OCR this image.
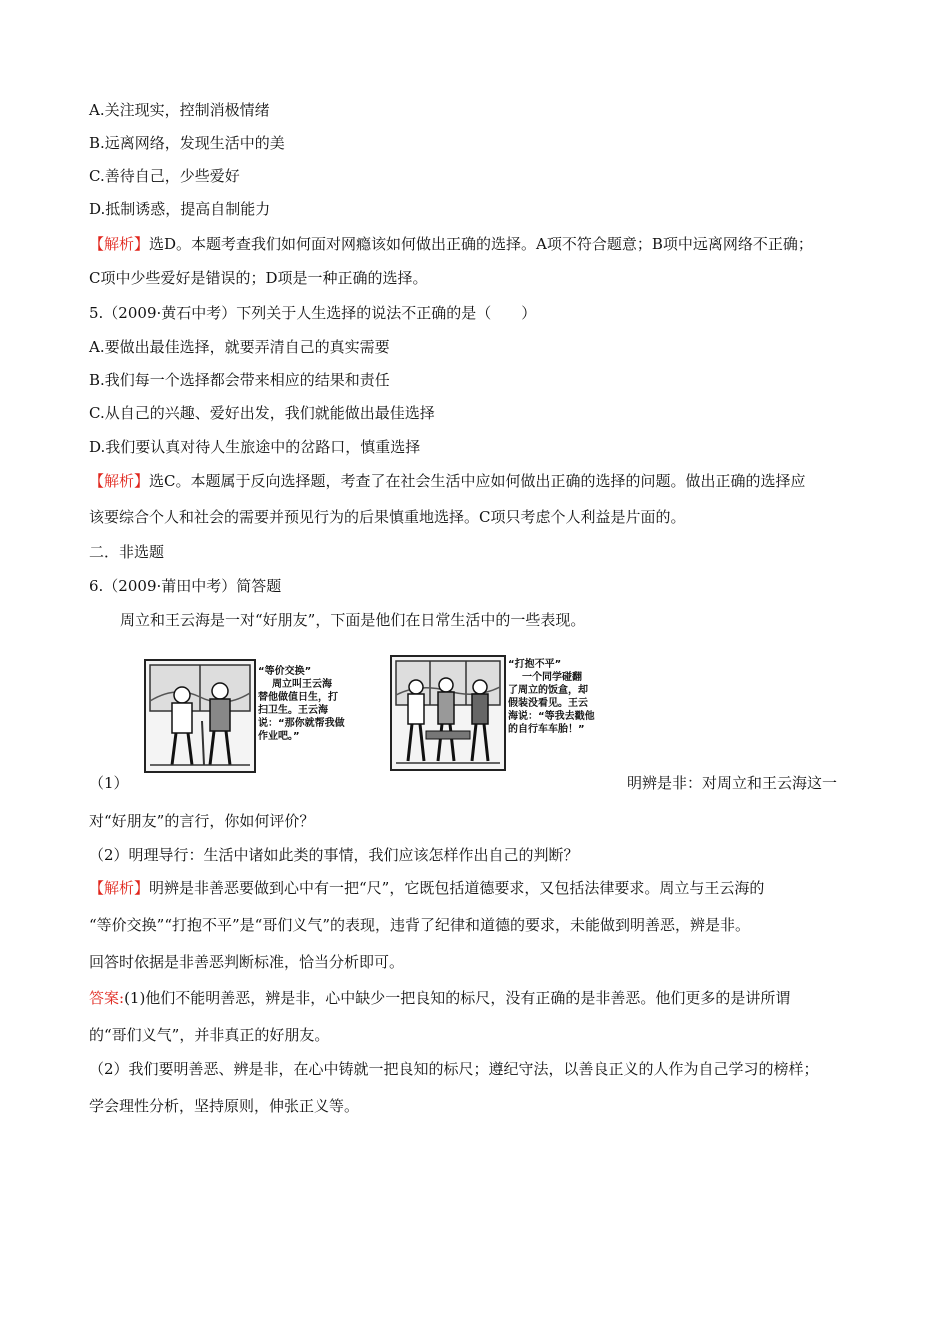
A.关注现实，控制消极情绪
B.远离网络，发现生活中的美
C.善待自己，少些爱好
D.抵制诱惑，提高自制能力
【解析】选D。本题考查我们如何面对网瘾该如何做出正确的选择。A项不符合题意；B项中远离网络不正确；
C项中少些爱好是错误的；D项是一种正确的选择。
5.（2009·黄石中考）下列关于人生选择的说法不正确的是（　　）
A.要做出最佳选择，就要弄清自己的真实需要
B.我们每一个选择都会带来相应的结果和责任
C.从自己的兴趣、爱好出发，我们就能做出最佳选择
D.我们要认真对待人生旅途中的岔路口，慎重选择
【解析】选C。本题属于反向选择题，考查了在社会生活中应如何做出正确的选择的问题。做出正确的选择应
该要综合个人和社会的需要并预见行为的后果慎重地选择。C项只考虑个人利益是片面的。
二．非选题
6.（2009·莆田中考）简答题
周立和王云海是一对“好朋友”，下面是他们在日常生活中的一些表现。
“等价交换”
周立叫王云海
替他做值日生，打
扫卫生。王云海
说：“那你就帮我做
作业吧。”
“打抱不平”
一个同学碰翻
了周立的饭盒，却
假装没看见。王云
海说：“等我去戳他
的自行车车胎！”
（1）	明辨是非：对周立和王云海这一
对“好朋友”的言行，你如何评价？
（2）明理导行：生活中诸如此类的事情，我们应该怎样作出自己的判断？
【解析】明辨是非善恶要做到心中有一把“尺”，它既包括道德要求，又包括法律要求。周立与王云海的
“等价交换”“打抱不平”是“哥们义气”的表现，违背了纪律和道德的要求，未能做到明善恶，辨是非。
回答时依据是非善恶判断标准，恰当分析即可。
答案:(1)他们不能明善恶，辨是非，心中缺少一把良知的标尺，没有正确的是非善恶。他们更多的是讲所谓
的“哥们义气”，并非真正的好朋友。
（2）我们要明善恶、辨是非，在心中铸就一把良知的标尺；遵纪守法，以善良正义的人作为自己学习的榜样；
学会理性分析，坚持原则，伸张正义等。
